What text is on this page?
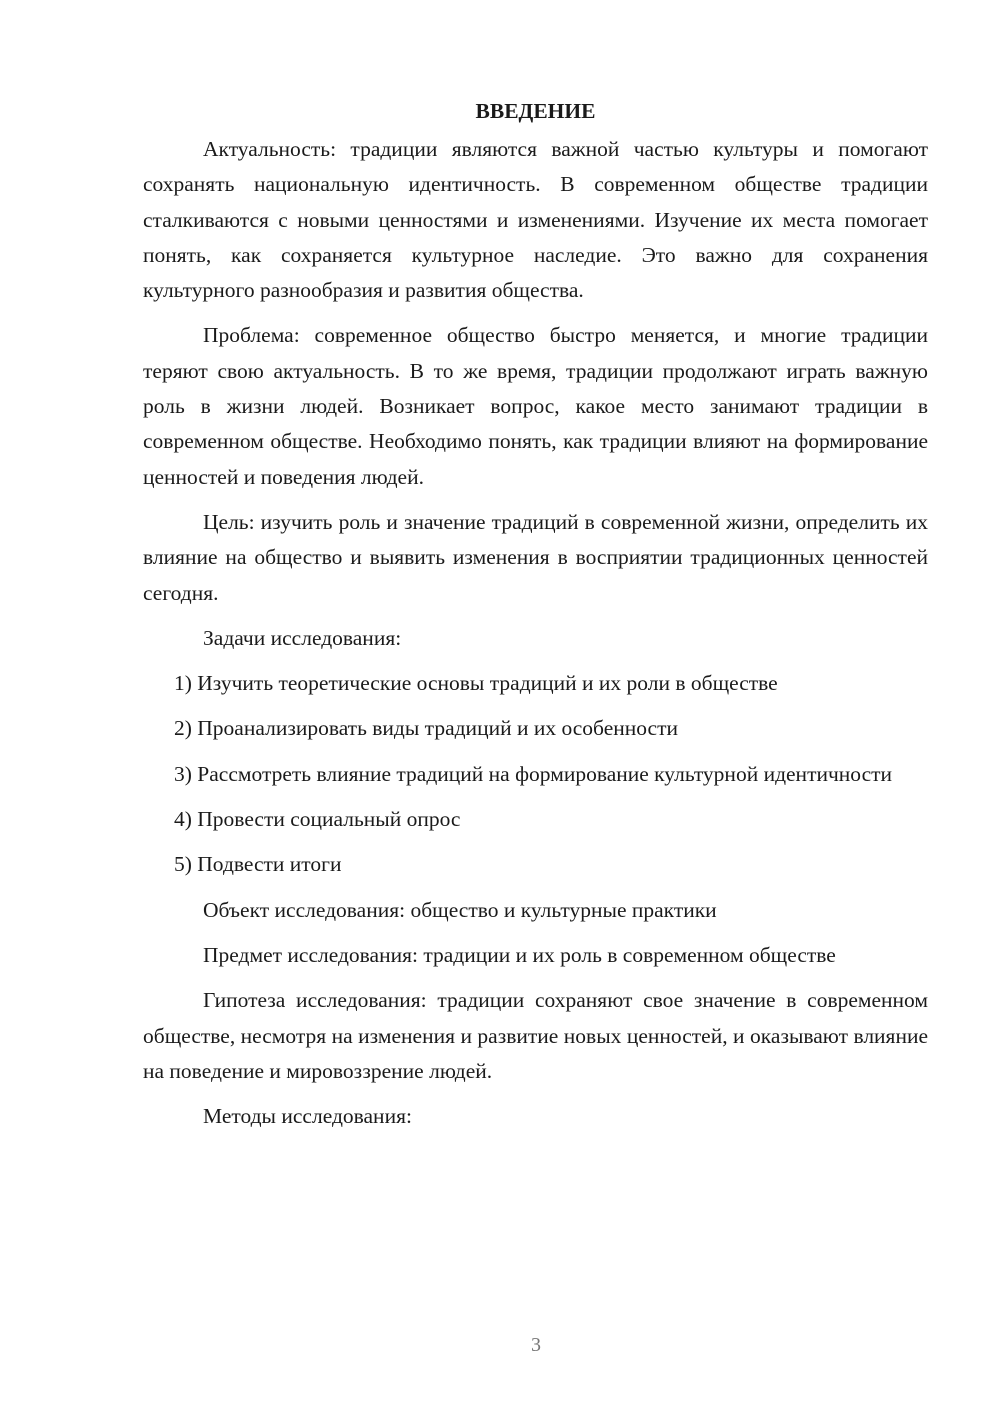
ВВЕДЕНИЕ

Актуальность: традиции являются важной частью культуры и помогают сохранять национальную идентичность. В современном обществе традиции сталкиваются с новыми ценностями и изменениями. Изучение их места помогает понять, как сохраняется культурное наследие. Это важно для сохранения культурного разнообразия и развития общества.

Проблема: современное общество быстро меняется, и многие традиции теряют свою актуальность. В то же время, традиции продолжают играть важную роль в жизни людей. Возникает вопрос, какое место занимают традиции в современном обществе. Необходимо понять, как традиции влияют на формирование ценностей и поведения людей.

Цель: изучить роль и значение традиций в современной жизни, определить их влияние на общество и выявить изменения в восприятии традиционных ценностей сегодня.

Задачи исследования:

1) Изучить теоретические основы традиций и их роли в обществе

2) Проанализировать виды традиций и их особенности

3) Рассмотреть влияние традиций на формирование культурной идентичности

4) Провести социальный опрос

5) Подвести итоги

Объект исследования: общество и культурные практики

Предмет исследования: традиции и их роль в современном обществе

Гипотеза исследования: традиции сохраняют свое значение в современном обществе, несмотря на изменения и развитие новых ценностей, и оказывают влияние на поведение и мировоззрение людей.

Методы исследования:

3
